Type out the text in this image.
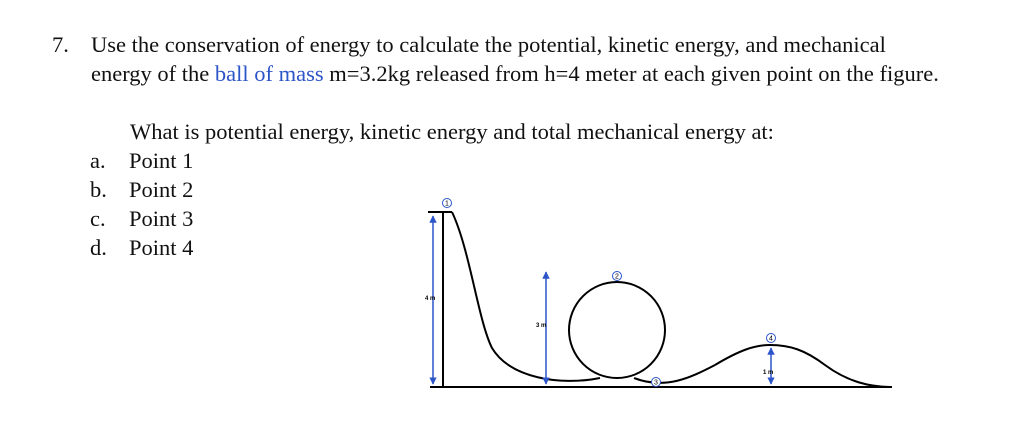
7. Use the conservation of energy to calculate the potential, kinetic energy, and mechanical energy of the ball of mass m=3.2kg released from h=4 meter at each given point on the figure.
What is potential energy, kinetic energy and total mechanical energy at:
a. Point 1
b. Point 2
c. Point 3
d. Point 4
4 m
3 m
1 m
1
2
3
4
